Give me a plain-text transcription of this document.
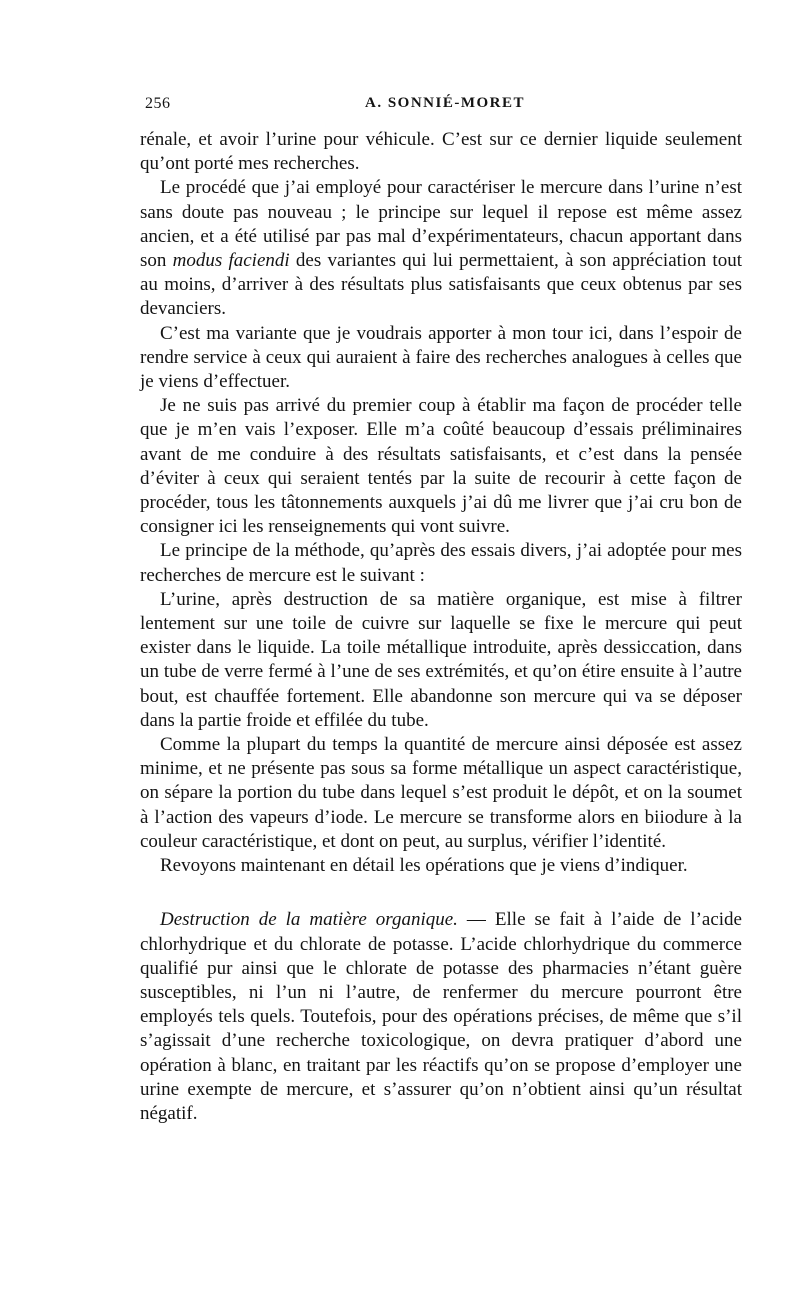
256	A. SONNIÉ-MORET

rénale, et avoir l’urine pour véhicule. C’est sur ce dernier liquide seulement qu’ont porté mes recherches.

Le procédé que j’ai employé pour caractériser le mercure dans l’urine n’est sans doute pas nouveau ; le principe sur lequel il repose est même assez ancien, et a été utilisé par pas mal d’expérimentateurs, chacun apportant dans son modus faciendi des variantes qui lui permettaient, à son appréciation tout au moins, d’arriver à des résultats plus satisfaisants que ceux obtenus par ses devanciers.

C’est ma variante que je voudrais apporter à mon tour ici, dans l’espoir de rendre service à ceux qui auraient à faire des recherches analogues à celles que je viens d’effectuer.

Je ne suis pas arrivé du premier coup à établir ma façon de procéder telle que je m’en vais l’exposer. Elle m’a coûté beaucoup d’essais préliminaires avant de me conduire à des résultats satisfaisants, et c’est dans la pensée d’éviter à ceux qui seraient tentés par la suite de recourir à cette façon de procéder, tous les tâtonnements auxquels j’ai dû me livrer que j’ai cru bon de consigner ici les renseignements qui vont suivre.

Le principe de la méthode, qu’après des essais divers, j’ai adoptée pour mes recherches de mercure est le suivant :

L’urine, après destruction de sa matière organique, est mise à filtrer lentement sur une toile de cuivre sur laquelle se fixe le mercure qui peut exister dans le liquide. La toile métallique introduite, après dessiccation, dans un tube de verre fermé à l’une de ses extrémités, et qu’on étire ensuite à l’autre bout, est chauffée fortement. Elle abandonne son mercure qui va se déposer dans la partie froide et effilée du tube.

Comme la plupart du temps la quantité de mercure ainsi déposée est assez minime, et ne présente pas sous sa forme métallique un aspect caractéristique, on sépare la portion du tube dans lequel s’est produit le dépôt, et on la soumet à l’action des vapeurs d’iode. Le mercure se transforme alors en biiodure à la couleur caractéristique, et dont on peut, au surplus, vérifier l’identité.

Revoyons maintenant en détail les opérations que je viens d’indiquer.

Destruction de la matière organique. — Elle se fait à l’aide de l’acide chlorhydrique et du chlorate de potasse. L’acide chlorhydrique du commerce qualifié pur ainsi que le chlorate de potasse des pharmacies n’étant guère susceptibles, ni l’un ni l’autre, de renfermer du mercure pourront être employés tels quels. Toutefois, pour des opérations précises, de même que s’il s’agissait d’une recherche toxicologique, on devra pratiquer d’abord une opération à blanc, en traitant par les réactifs qu’on se propose d’employer une urine exempte de mercure, et s’assurer qu’on n’obtient ainsi qu’un résultat négatif.
